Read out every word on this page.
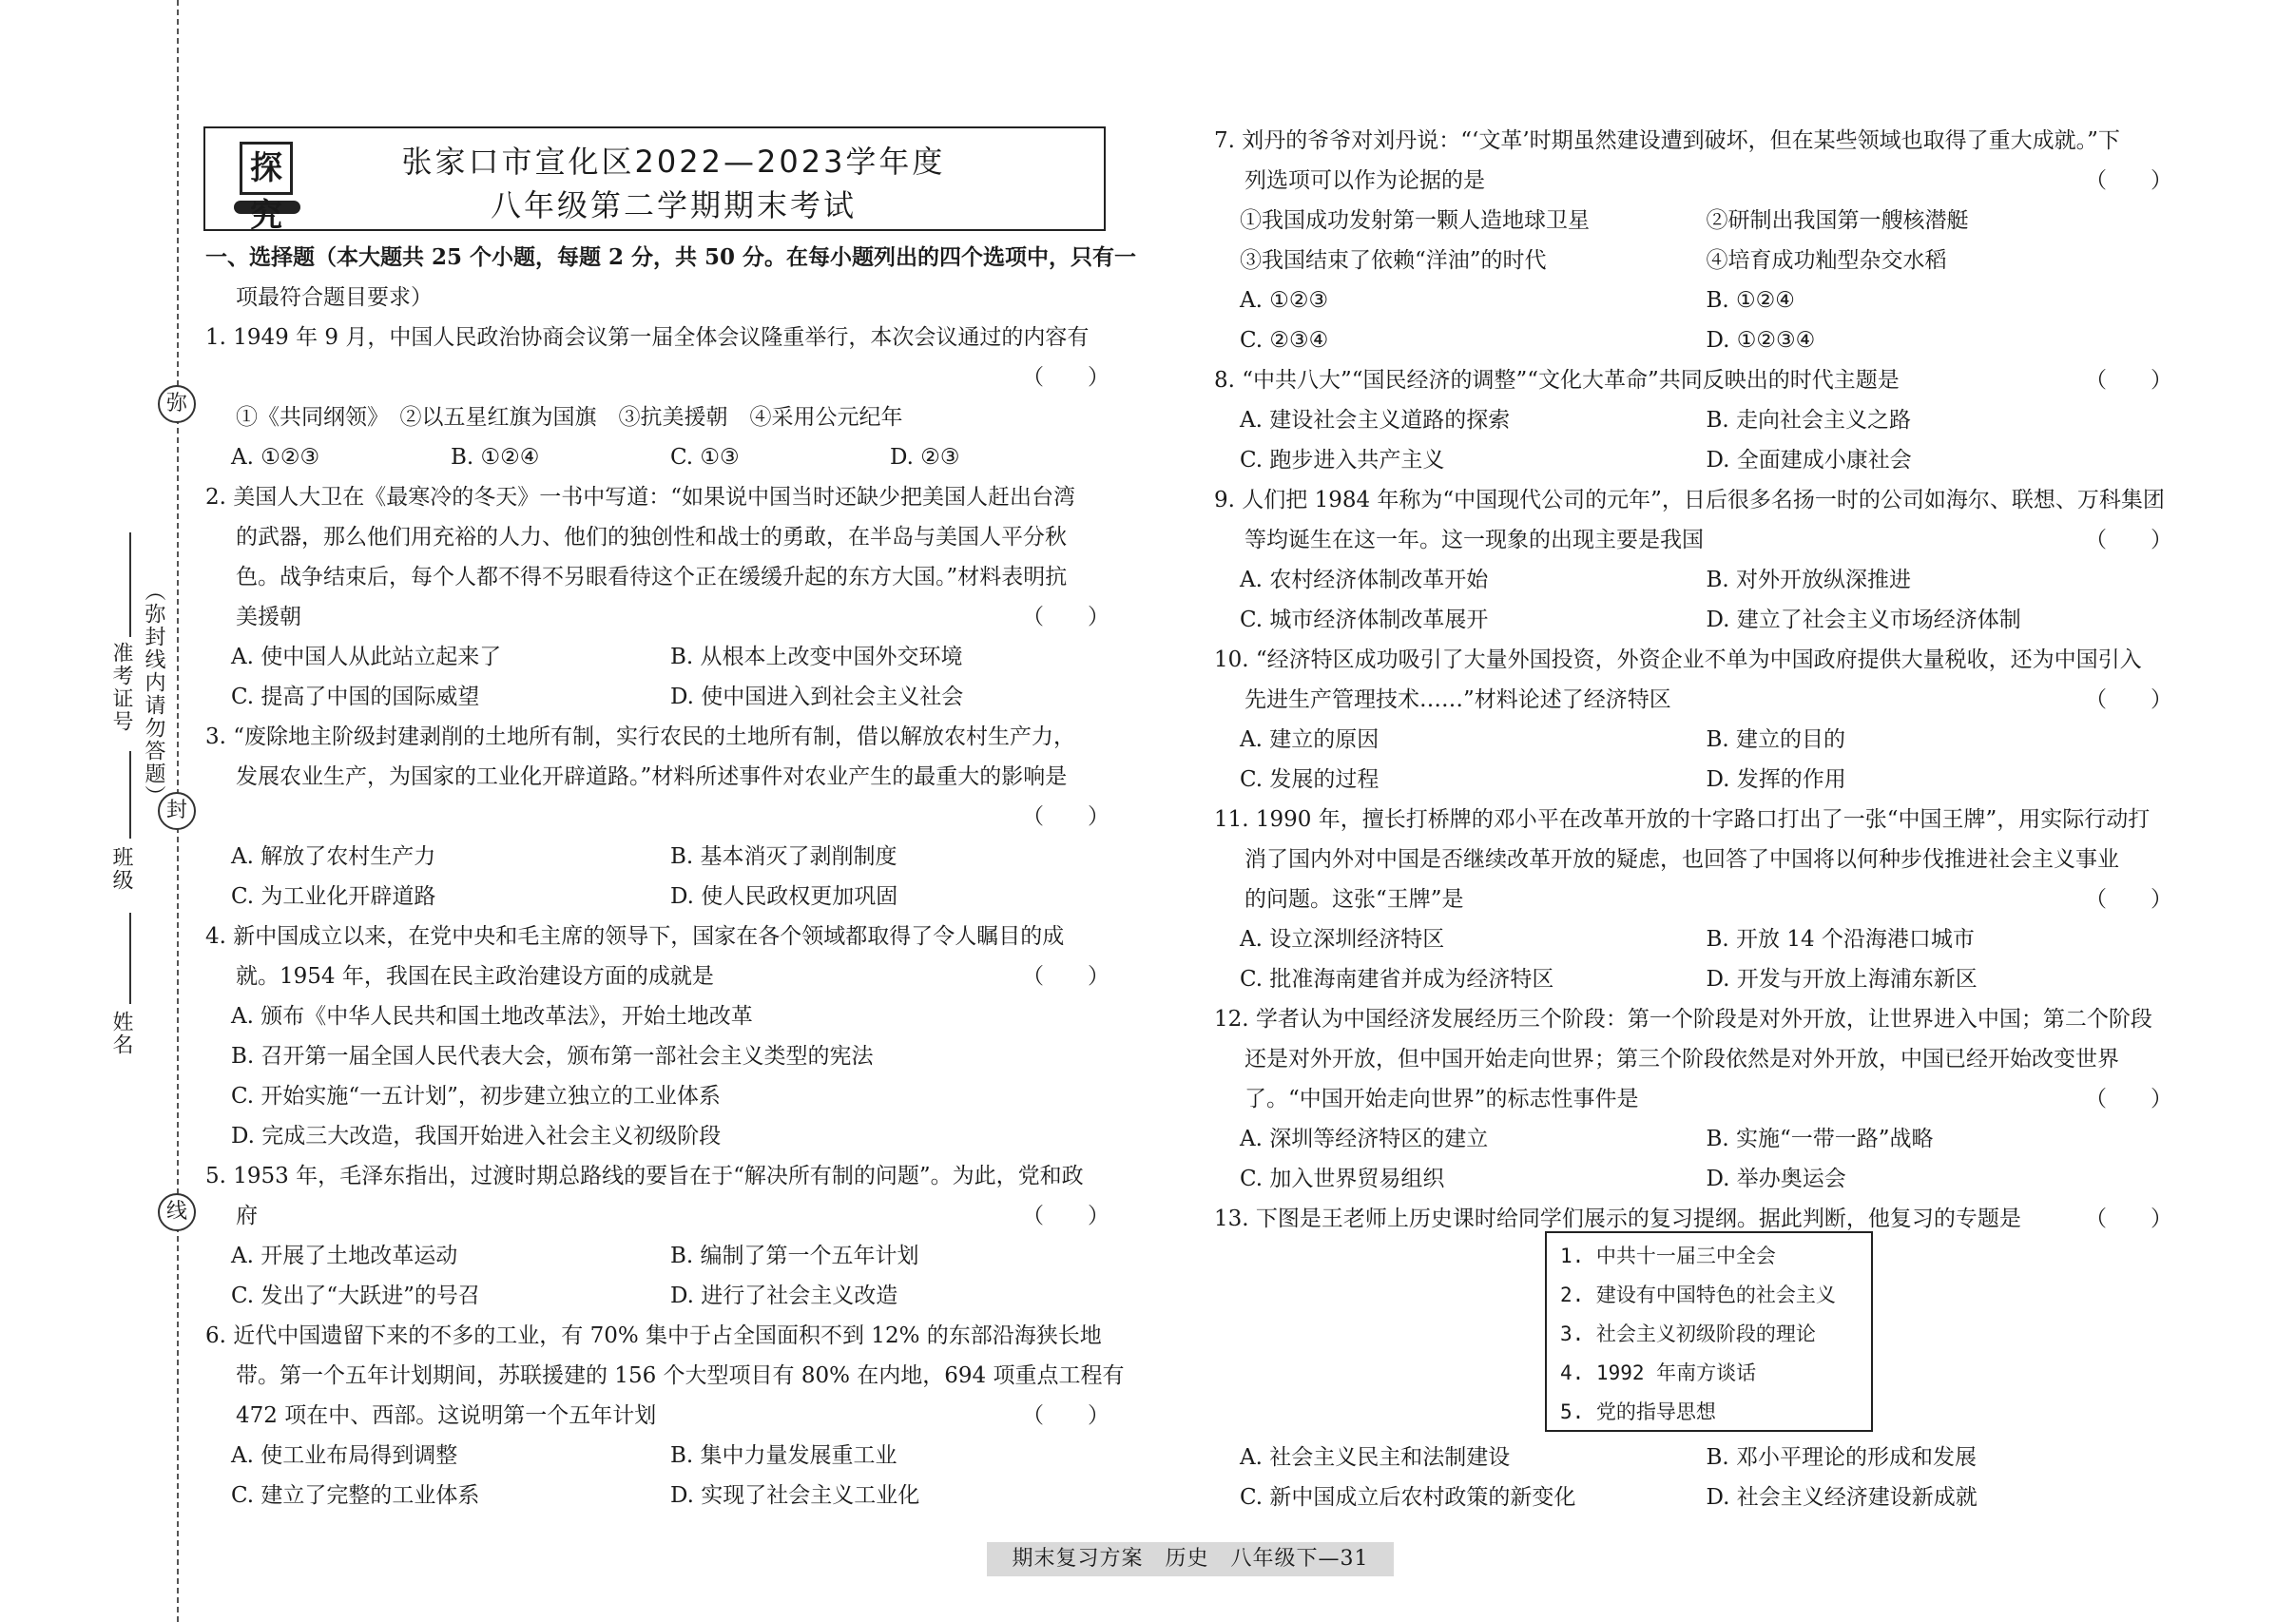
弥
封
线
（弥封线内请勿答题）
姓名
班级
准考证号
探究
张家口市宣化区2022—2023学年度
八年级第二学期期末考试
一、选择题（本大题共 25 个小题，每题 2 分，共 50 分。在每小题列出的四个选项中，只有一
项最符合题目要求）
1. 1949 年 9 月，中国人民政治协商会议第一届全体会议隆重举行，本次会议通过的内容有
（　　）
①《共同纲领》　②以五星红旗为国旗　③抗美援朝　④采用公元纪年
A. ①②③	B. ①②④	C. ①③	D. ②③
2. 美国人大卫在《最寒冷的冬天》一书中写道：“如果说中国当时还缺少把美国人赶出台湾
的武器，那么他们用充裕的人力、他们的独创性和战士的勇敢，在半岛与美国人平分秋
色。战争结束后，每个人都不得不另眼看待这个正在缓缓升起的东方大国。”材料表明抗
美援朝	（　　）
A. 使中国人从此站立起来了	B. 从根本上改变中国外交环境
C. 提高了中国的国际威望	D. 使中国进入到社会主义社会
3. “废除地主阶级封建剥削的土地所有制，实行农民的土地所有制，借以解放农村生产力，
发展农业生产，为国家的工业化开辟道路。”材料所述事件对农业产生的最重大的影响是
（　　）
A. 解放了农村生产力	B. 基本消灭了剥削制度
C. 为工业化开辟道路	D. 使人民政权更加巩固
4. 新中国成立以来，在党中央和毛主席的领导下，国家在各个领域都取得了令人瞩目的成
就。1954 年，我国在民主政治建设方面的成就是	（　　）
A. 颁布《中华人民共和国土地改革法》，开始土地改革
B. 召开第一届全国人民代表大会，颁布第一部社会主义类型的宪法
C. 开始实施“一五计划”，初步建立独立的工业体系
D. 完成三大改造，我国开始进入社会主义初级阶段
5. 1953 年，毛泽东指出，过渡时期总路线的要旨在于“解决所有制的问题”。为此，党和政
府	（　　）
A. 开展了土地改革运动	B. 编制了第一个五年计划
C. 发出了“大跃进”的号召	D. 进行了社会主义改造
6. 近代中国遗留下来的不多的工业，有 70% 集中于占全国面积不到 12% 的东部沿海狭长地
带。第一个五年计划期间，苏联援建的 156 个大型项目有 80% 在内地，694 项重点工程有
472 项在中、西部。这说明第一个五年计划	（　　）
A. 使工业布局得到调整	B. 集中力量发展重工业
C. 建立了完整的工业体系	D. 实现了社会主义工业化
7. 刘丹的爷爷对刘丹说：“‘文革’时期虽然建设遭到破坏，但在某些领域也取得了重大成就。”下
列选项可以作为论据的是	（　　）
①我国成功发射第一颗人造地球卫星	②研制出我国第一艘核潜艇
③我国结束了依赖“洋油”的时代	④培育成功籼型杂交水稻
A. ①②③	B. ①②④
C. ②③④	D. ①②③④
8. “中共八大”“国民经济的调整”“文化大革命”共同反映出的时代主题是	（　　）
A. 建设社会主义道路的探索	B. 走向社会主义之路
C. 跑步进入共产主义	D. 全面建成小康社会
9. 人们把 1984 年称为“中国现代公司的元年”，日后很多名扬一时的公司如海尔、联想、万科集团
等均诞生在这一年。这一现象的出现主要是我国	（　　）
A. 农村经济体制改革开始	B. 对外开放纵深推进
C. 城市经济体制改革展开	D. 建立了社会主义市场经济体制
10. “经济特区成功吸引了大量外国投资，外资企业不单为中国政府提供大量税收，还为中国引入
先进生产管理技术……”材料论述了经济特区	（　　）
A. 建立的原因	B. 建立的目的
C. 发展的过程	D. 发挥的作用
11. 1990 年，擅长打桥牌的邓小平在改革开放的十字路口打出了一张“中国王牌”，用实际行动打
消了国内外对中国是否继续改革开放的疑虑，也回答了中国将以何种步伐推进社会主义事业
的问题。这张“王牌”是	（　　）
A. 设立深圳经济特区	B. 开放 14 个沿海港口城市
C. 批准海南建省并成为经济特区	D. 开发与开放上海浦东新区
12. 学者认为中国经济发展经历三个阶段：第一个阶段是对外开放，让世界进入中国；第二个阶段
还是对外开放，但中国开始走向世界；第三个阶段依然是对外开放，中国已经开始改变世界
了。“中国开始走向世界”的标志性事件是	（　　）
A. 深圳等经济特区的建立	B. 实施“一带一路”战略
C. 加入世界贸易组织	D. 举办奥运会
13. 下图是王老师上历史课时给同学们展示的复习提纲。据此判断，他复习的专题是	（　　）
1. 中共十一届三中全会
2. 建设有中国特色的社会主义
3. 社会主义初级阶段的理论
4. 1992 年南方谈话
5. 党的指导思想
A. 社会主义民主和法制建设	B. 邓小平理论的形成和发展
C. 新中国成立后农村政策的新变化	D. 社会主义经济建设新成就
期末复习方案　历史　八年级下—31
